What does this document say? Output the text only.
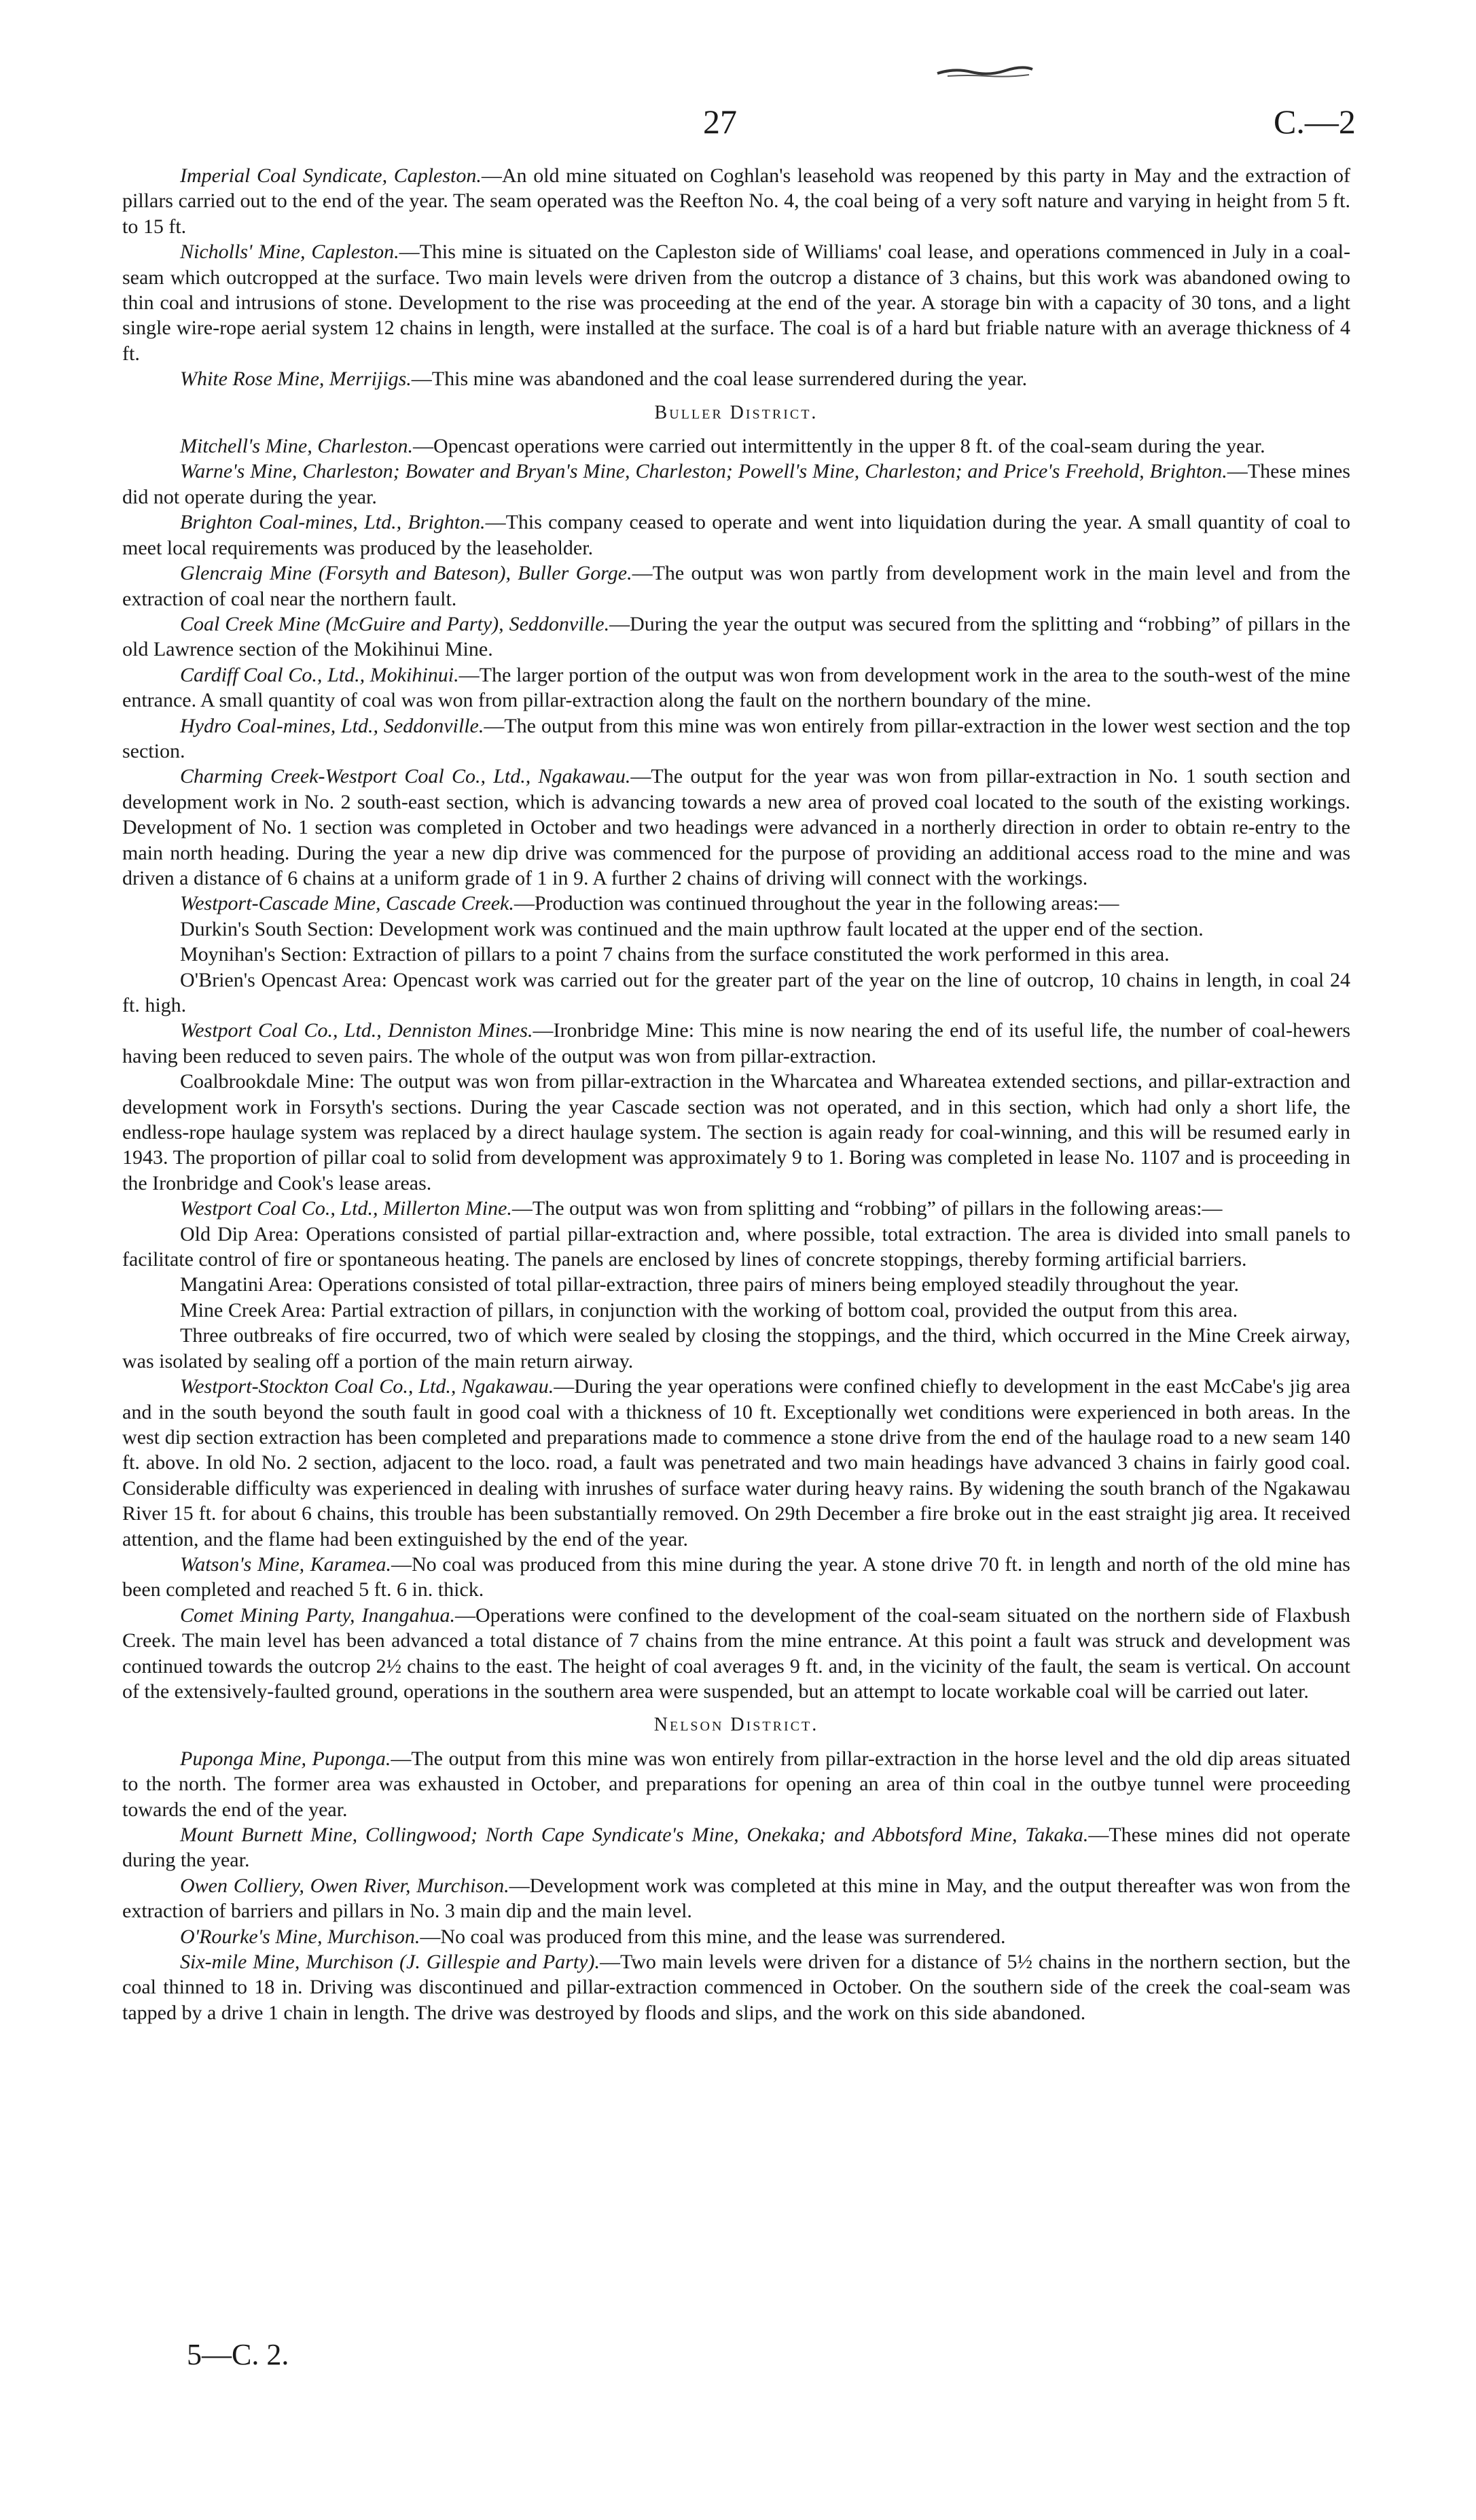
27	C.—2

Imperial Coal Syndicate, Capleston.—An old mine situated on Coghlan's leasehold was reopened by this party in May and the extraction of pillars carried out to the end of the year. The seam operated was the Reefton No. 4, the coal being of a very soft nature and varying in height from 5 ft. to 15 ft.

Nicholls' Mine, Capleston.—This mine is situated on the Capleston side of Williams' coal lease, and operations commenced in July in a coal-seam which outcropped at the surface. Two main levels were driven from the outcrop a distance of 3 chains, but this work was abandoned owing to thin coal and intrusions of stone. Development to the rise was proceeding at the end of the year. A storage bin with a capacity of 30 tons, and a light single wire-rope aerial system 12 chains in length, were installed at the surface. The coal is of a hard but friable nature with an average thickness of 4 ft.

White Rose Mine, Merrijigs.—This mine was abandoned and the coal lease surrendered during the year.

Buller District.

Mitchell's Mine, Charleston.—Opencast operations were carried out intermittently in the upper 8 ft. of the coal-seam during the year.

Warne's Mine, Charleston; Bowater and Bryan's Mine, Charleston; Powell's Mine, Charleston; and Price's Freehold, Brighton.—These mines did not operate during the year.

Brighton Coal-mines, Ltd., Brighton.—This company ceased to operate and went into liquidation during the year. A small quantity of coal to meet local requirements was produced by the leaseholder.

Glencraig Mine (Forsyth and Bateson), Buller Gorge.—The output was won partly from development work in the main level and from the extraction of coal near the northern fault.

Coal Creek Mine (McGuire and Party), Seddonville.—During the year the output was secured from the splitting and “robbing” of pillars in the old Lawrence section of the Mokihinui Mine.

Cardiff Coal Co., Ltd., Mokihinui.—The larger portion of the output was won from development work in the area to the south-west of the mine entrance. A small quantity of coal was won from pillar-extraction along the fault on the northern boundary of the mine.

Hydro Coal-mines, Ltd., Seddonville.—The output from this mine was won entirely from pillar-extraction in the lower west section and the top section.

Charming Creek-Westport Coal Co., Ltd., Ngakawau.—The output for the year was won from pillar-extraction in No. 1 south section and development work in No. 2 south-east section, which is advancing towards a new area of proved coal located to the south of the existing workings. Development of No. 1 section was completed in October and two headings were advanced in a northerly direction in order to obtain re-entry to the main north heading. During the year a new dip drive was commenced for the purpose of providing an additional access road to the mine and was driven a distance of 6 chains at a uniform grade of 1 in 9. A further 2 chains of driving will connect with the workings.

Westport-Cascade Mine, Cascade Creek.—Production was continued throughout the year in the following areas:—

Durkin's South Section: Development work was continued and the main upthrow fault located at the upper end of the section.

Moynihan's Section: Extraction of pillars to a point 7 chains from the surface constituted the work performed in this area.

O'Brien's Opencast Area: Opencast work was carried out for the greater part of the year on the line of outcrop, 10 chains in length, in coal 24 ft. high.

Westport Coal Co., Ltd., Denniston Mines.—Ironbridge Mine: This mine is now nearing the end of its useful life, the number of coal-hewers having been reduced to seven pairs. The whole of the output was won from pillar-extraction.

Coalbrookdale Mine: The output was won from pillar-extraction in the Wharcatea and Whareatea extended sections, and pillar-extraction and development work in Forsyth's sections. During the year Cascade section was not operated, and in this section, which had only a short life, the endless-rope haulage system was replaced by a direct haulage system. The section is again ready for coal-winning, and this will be resumed early in 1943. The proportion of pillar coal to solid from development was approximately 9 to 1. Boring was completed in lease No. 1107 and is proceeding in the Ironbridge and Cook's lease areas.

Westport Coal Co., Ltd., Millerton Mine.—The output was won from splitting and “robbing” of pillars in the following areas:—

Old Dip Area: Operations consisted of partial pillar-extraction and, where possible, total extraction. The area is divided into small panels to facilitate control of fire or spontaneous heating. The panels are enclosed by lines of concrete stoppings, thereby forming artificial barriers.

Mangatini Area: Operations consisted of total pillar-extraction, three pairs of miners being employed steadily throughout the year.

Mine Creek Area: Partial extraction of pillars, in conjunction with the working of bottom coal, provided the output from this area.

Three outbreaks of fire occurred, two of which were sealed by closing the stoppings, and the third, which occurred in the Mine Creek airway, was isolated by sealing off a portion of the main return airway.

Westport-Stockton Coal Co., Ltd., Ngakawau.—During the year operations were confined chiefly to development in the east McCabe's jig area and in the south beyond the south fault in good coal with a thickness of 10 ft. Exceptionally wet conditions were experienced in both areas. In the west dip section extraction has been completed and preparations made to commence a stone drive from the end of the haulage road to a new seam 140 ft. above. In old No. 2 section, adjacent to the loco. road, a fault was penetrated and two main headings have advanced 3 chains in fairly good coal. Considerable difficulty was experienced in dealing with inrushes of surface water during heavy rains. By widening the south branch of the Ngakawau River 15 ft. for about 6 chains, this trouble has been substantially removed. On 29th December a fire broke out in the east straight jig area. It received attention, and the flame had been extinguished by the end of the year.

Watson's Mine, Karamea.—No coal was produced from this mine during the year. A stone drive 70 ft. in length and north of the old mine has been completed and reached 5 ft. 6 in. thick.

Comet Mining Party, Inangahua.—Operations were confined to the development of the coal-seam situated on the northern side of Flaxbush Creek. The main level has been advanced a total distance of 7 chains from the mine entrance. At this point a fault was struck and development was continued towards the outcrop 2½ chains to the east. The height of coal averages 9 ft. and, in the vicinity of the fault, the seam is vertical. On account of the extensively-faulted ground, operations in the southern area were suspended, but an attempt to locate workable coal will be carried out later.

Nelson District.

Puponga Mine, Puponga.—The output from this mine was won entirely from pillar-extraction in the horse level and the old dip areas situated to the north. The former area was exhausted in October, and preparations for opening an area of thin coal in the outbye tunnel were proceeding towards the end of the year.

Mount Burnett Mine, Collingwood; North Cape Syndicate's Mine, Onekaka; and Abbotsford Mine, Takaka.—These mines did not operate during the year.

Owen Colliery, Owen River, Murchison.—Development work was completed at this mine in May, and the output thereafter was won from the extraction of barriers and pillars in No. 3 main dip and the main level.

O'Rourke's Mine, Murchison.—No coal was produced from this mine, and the lease was surrendered.

Six-mile Mine, Murchison (J. Gillespie and Party).—Two main levels were driven for a distance of 5½ chains in the northern section, but the coal thinned to 18 in. Driving was discontinued and pillar-extraction commenced in October. On the southern side of the creek the coal-seam was tapped by a drive 1 chain in length. The drive was destroyed by floods and slips, and the work on this side abandoned.

5—C. 2.
